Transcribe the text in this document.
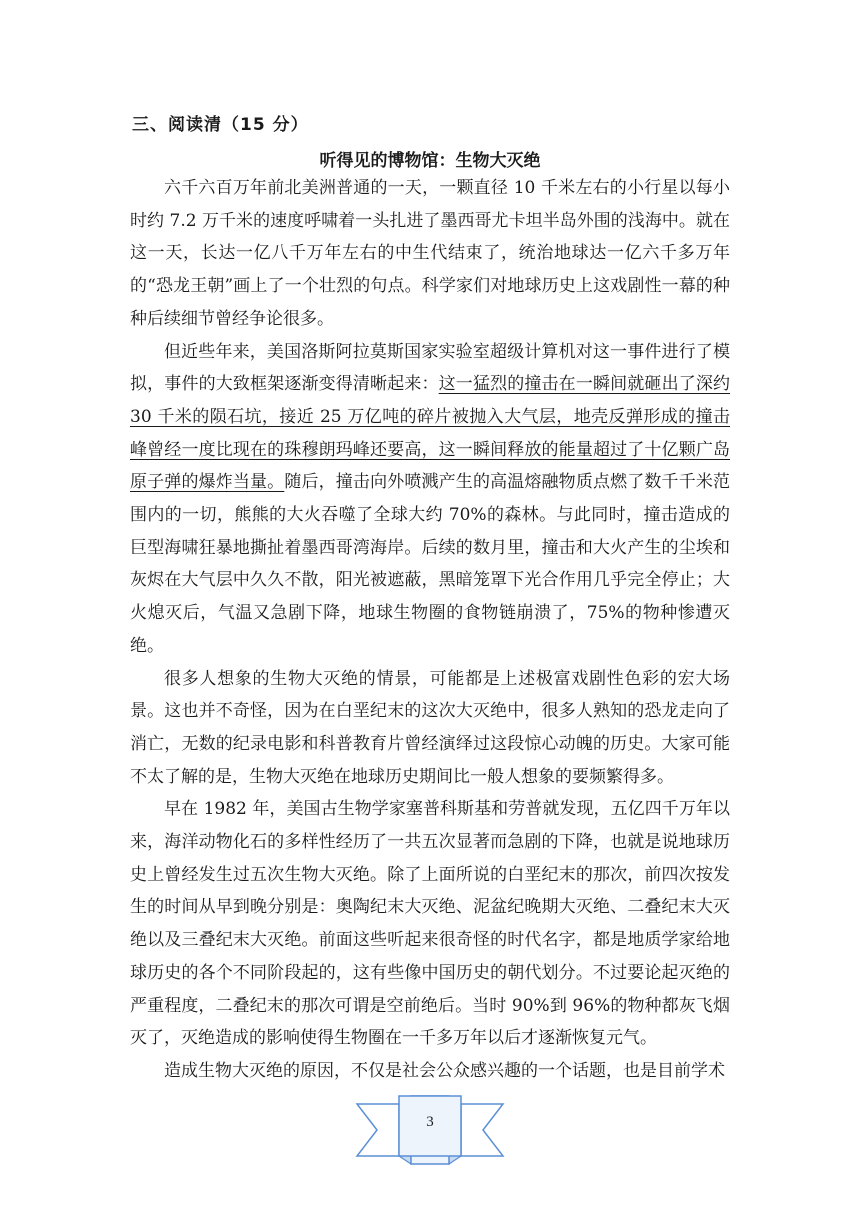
三、阅读清（15 分）
听得见的博物馆：生物大灭绝

六千六百万年前北美洲普通的一天，一颗直径 10 千米左右的小行星以每小时约 7.2 万千米的速度呼啸着一头扎进了墨西哥尤卡坦半岛外围的浅海中。就在这一天，长达一亿八千万年左右的中生代结束了，统治地球达一亿六千多万年的“恐龙王朝”画上了一个壮烈的句点。科学家们对地球历史上这戏剧性一幕的种种后续细节曾经争论很多。

但近些年来，美国洛斯阿拉莫斯国家实验室超级计算机对这一事件进行了模拟，事件的大致框架逐渐变得清晰起来：这一猛烈的撞击在一瞬间就砸出了深约 30 千米的陨石坑，接近 25 万亿吨的碎片被抛入大气层，地壳反弹形成的撞击峰曾经一度比现在的珠穆朗玛峰还要高，这一瞬间释放的能量超过了十亿颗广岛原子弹的爆炸当量。随后，撞击向外喷溅产生的高温熔融物质点燃了数千千米范围内的一切，熊熊的大火吞噬了全球大约 70%的森林。与此同时，撞击造成的巨型海啸狂暴地撕扯着墨西哥湾海岸。后续的数月里，撞击和大火产生的尘埃和灰烬在大气层中久久不散，阳光被遮蔽，黑暗笼罩下光合作用几乎完全停止；大火熄灭后，气温又急剧下降，地球生物圈的食物链崩溃了，75%的物种惨遭灭绝。

很多人想象的生物大灭绝的情景，可能都是上述极富戏剧性色彩的宏大场景。这也并不奇怪，因为在白垩纪末的这次大灭绝中，很多人熟知的恐龙走向了消亡，无数的纪录电影和科普教育片曾经演绎过这段惊心动魄的历史。大家可能不太了解的是，生物大灭绝在地球历史期间比一般人想象的要频繁得多。

早在 1982 年，美国古生物学家塞普科斯基和劳普就发现，五亿四千万年以来，海洋动物化石的多样性经历了一共五次显著而急剧的下降，也就是说地球历史上曾经发生过五次生物大灭绝。除了上面所说的白垩纪末的那次，前四次按发生的时间从早到晚分别是：奥陶纪末大灭绝、泥盆纪晚期大灭绝、二叠纪末大灭绝以及三叠纪末大灭绝。前面这些听起来很奇怪的时代名字，都是地质学家给地球历史的各个不同阶段起的，这有些像中国历史的朝代划分。不过要论起灭绝的严重程度，二叠纪末的那次可谓是空前绝后。当时 90%到 96%的物种都灰飞烟灭了，灭绝造成的影响使得生物圈在一千多万年以后才逐渐恢复元气。

造成生物大灭绝的原因，不仅是社会公众感兴趣的一个话题，也是目前学术

3
